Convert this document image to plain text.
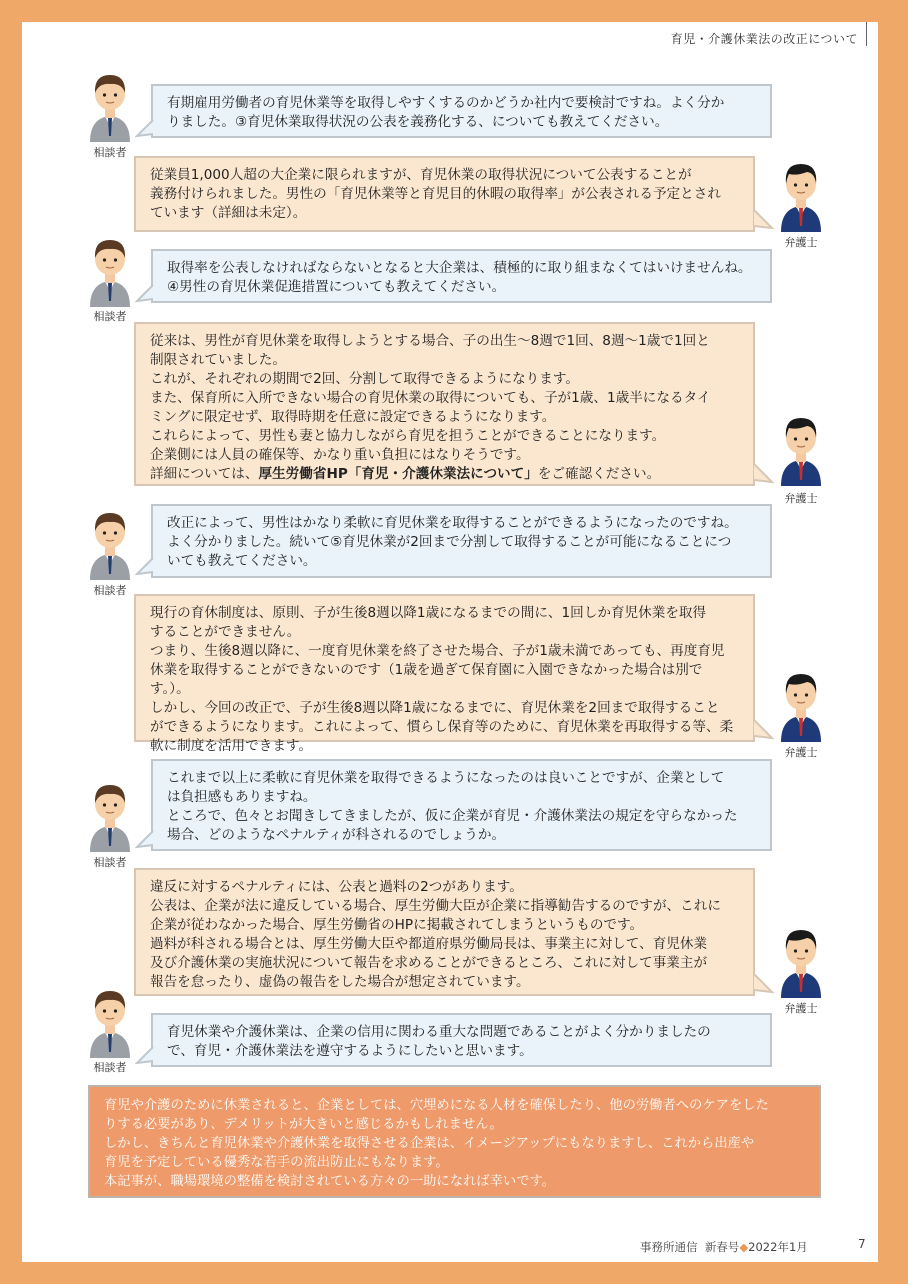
育児・介護休業法の改正について
相談者

有期雇用労働者の育児休業等を取得しやすくするのかどうか社内で要検討ですね。よく分か

りました。③育児休業取得状況の公表を義務化する、についても教えてください。

従業員1,000人超の大企業に限られますが、育児休業の取得状況について公表することが

義務付けられました。男性の「育児休業等と育児目的休暇の取得率」が公表される予定とされ

ています（詳細は未定）。

弁護士
相談者

取得率を公表しなければならないとなると大企業は、積極的に取り組まなくてはいけませんね。

④男性の育児休業促進措置についても教えてください。

従来は、男性が育児休業を取得しようとする場合、子の出生～8週で1回、8週～1歳で1回と

制限されていました。

これが、それぞれの期間で2回、分割して取得できるようになります。

また、保育所に入所できない場合の育児休業の取得についても、子が1歳、1歳半になるタイ

ミングに限定せず、取得時期を任意に設定できるようになります。

これらによって、男性も妻と協力しながら育児を担うことができることになります。

企業側には人員の確保等、かなり重い負担にはなりそうです。

詳細については、厚生労働省HP「育児・介護休業法について」をご確認ください。

弁護士
相談者

改正によって、男性はかなり柔軟に育児休業を取得することができるようになったのですね。

よく分かりました。続いて⑤育児休業が2回まで分割して取得することが可能になることにつ

いても教えてください。

現行の育休制度は、原則、子が生後8週以降1歳になるまでの間に、1回しか育児休業を取得

することができません。

つまり、生後8週以降に、一度育児休業を終了させた場合、子が1歳未満であっても、再度育児

休業を取得することができないのです（1歳を過ぎて保育園に入園できなかった場合は別です。）。

しかし、今回の改正で、子が生後8週以降1歳になるまでに、育児休業を2回まで取得すること

ができるようになります。これによって、慣らし保育等のために、育児休業を再取得する等、柔

軟に制度を活用できます。	弁護士
相談者

これまで以上に柔軟に育児休業を取得できるようになったのは良いことですが、企業として

は負担感もありますね。

ところで、色々とお聞きしてきましたが、仮に企業が育児・介護休業法の規定を守らなかった

場合、どのようなペナルティが科されるのでしょうか。

違反に対するペナルティには、公表と過料の2つがあります。

公表は、企業が法に違反している場合、厚生労働大臣が企業に指導勧告するのですが、これに

企業が従わなかった場合、厚生労働省のHPに掲載されてしまうというものです。

過料が科される場合とは、厚生労働大臣や都道府県労働局長は、事業主に対して、育児休業

及び介護休業の実施状況について報告を求めることができるところ、これに対して事業主が

報告を怠ったり、虚偽の報告をした場合が想定されています。

弁護士
相談者

育児休業や介護休業は、企業の信用に関わる重大な問題であることがよく分かりましたの

で、育児・介護休業法を遵守するようにしたいと思います。

育児や介護のために休業されると、企業としては、穴埋めになる人材を確保したり、他の労働者へのケアをした

りする必要があり、デメリットが大きいと感じるかもしれません。

しかし、きちんと育児休業や介護休業を取得させる企業は、イメージアップにもなりますし、これから出産や

育児を予定している優秀な若手の流出防止にもなります。

本記事が、職場環境の整備を検討されている方々の一助になれば幸いです。

事務所通信 新春号◆2022年1月	7
